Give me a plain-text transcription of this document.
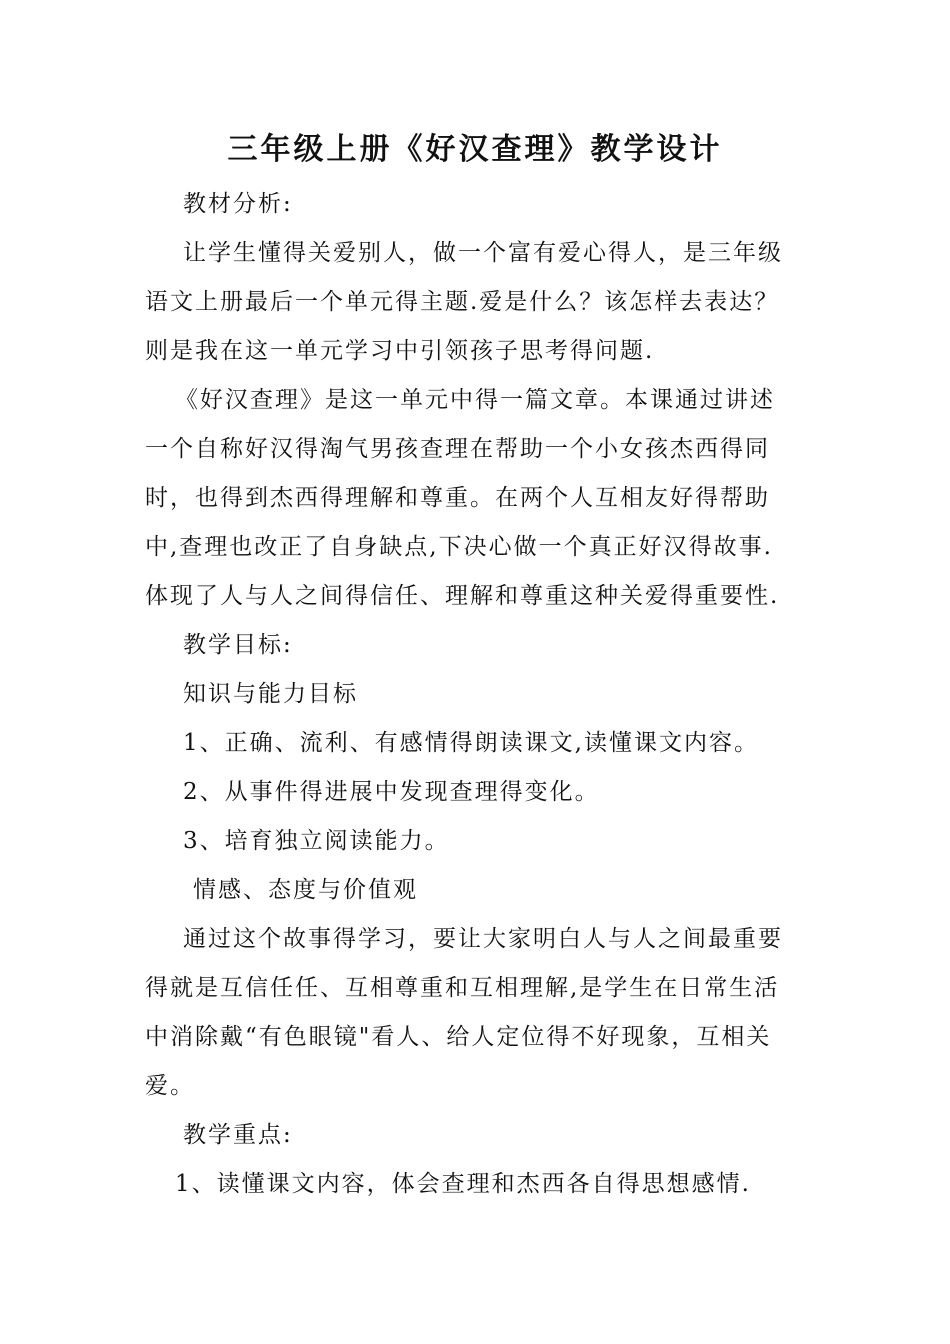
三年级上册《好汉查理》教学设计
教材分析:
让学生懂得关爱别人，做一个富有爱心得人，是三年级
语文上册最后一个单元得主题.爱是什么？该怎样去表达？
则是我在这一单元学习中引领孩子思考得问题.
《好汉查理》是这一单元中得一篇文章。本课通过讲述
一个自称好汉得淘气男孩查理在帮助一个小女孩杰西得同
时，也得到杰西得理解和尊重。在两个人互相友好得帮助
中,查理也改正了自身缺点,下决心做一个真正好汉得故事.
体现了人与人之间得信任、理解和尊重这种关爱得重要性.
教学目标:
知识与能力目标
1、正确、流利、有感情得朗读课文,读懂课文内容。
2、从事件得进展中发现查理得变化。
3、培育独立阅读能力。
情感、态度与价值观
通过这个故事得学习，要让大家明白人与人之间最重要
得就是互信任任、互相尊重和互相理解,是学生在日常生活
中消除戴“有色眼镜"看人、给人定位得不好现象，互相关
爱。
教学重点:
1、读懂课文内容，体会查理和杰西各自得思想感情.
